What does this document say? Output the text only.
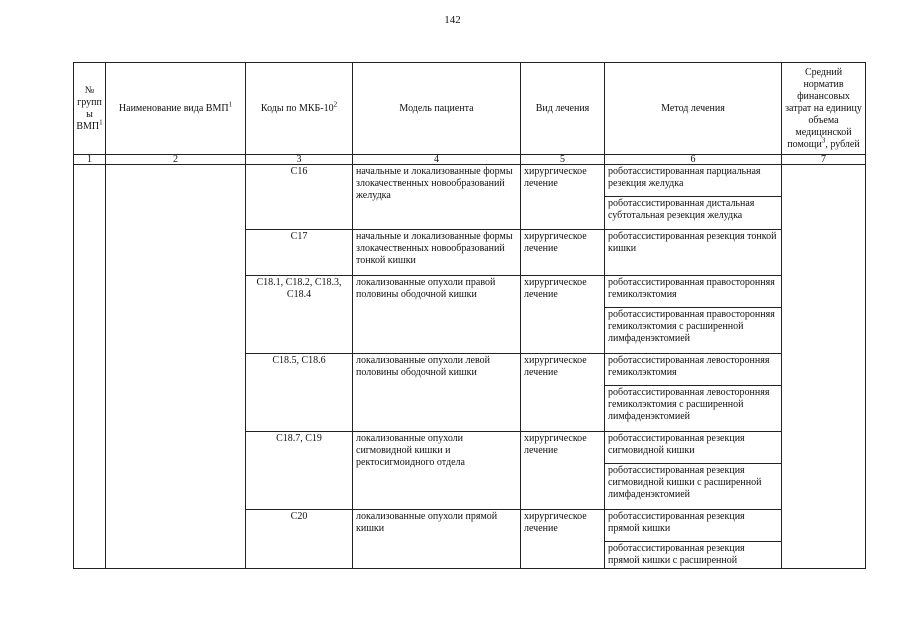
142
№ групп ы ВМП$^1$	Наименование вида ВМП$^1$	Коды по МКБ-$10^2$	Модель пациента	Вид лечения	Метод лечения	Средний норматив финансовых затрат на единицу объема медицинской помощи$^3$, рублей
1	2	3	4	5	6	7
		C16	начальные и локализованные формы злокачественных новообразований желудка	хирургическое лечение	роботассистированная парциальная резекция желудка	
					роботассистированная дистальная субтотальная резекция желудка	
		C17	начальные и локализованные формы злокачественных новообразований тонкой кишки	хирургическое лечение	роботассистированная резекция тонкой кишки	
		C18.1, C18.2, C18.3, C18.4	локализованные опухоли правой половины ободочной кишки	хирургическое лечение	роботассистированная правосторонняя гемиколэктомия	
					роботассистированная правосторонняя гемиколэктомия с расширенной лимфаденэктомией	
		C18.5, C18.6	локализованные опухоли левой половины ободочной кишки	хирургическое лечение	роботассистированная левосторонняя гемиколэктомия	
					роботассистированная левосторонняя гемиколэктомия с расширенной лимфаденэктомией	
		C18.7, C19	локализованные опухоли сигмовидной кишки и ректосигмоидного отдела	хирургическое лечение	роботассистированная резекция сигмовидной кишки	
					роботассистированная резекция сигмовидной кишки с расширенной лимфаденэктомией	
		C20	локализованные опухоли прямой кишки	хирургическое лечение	роботассистированная резекция прямой кишки	
					роботассистированная резекция прямой кишки с расширенной	
